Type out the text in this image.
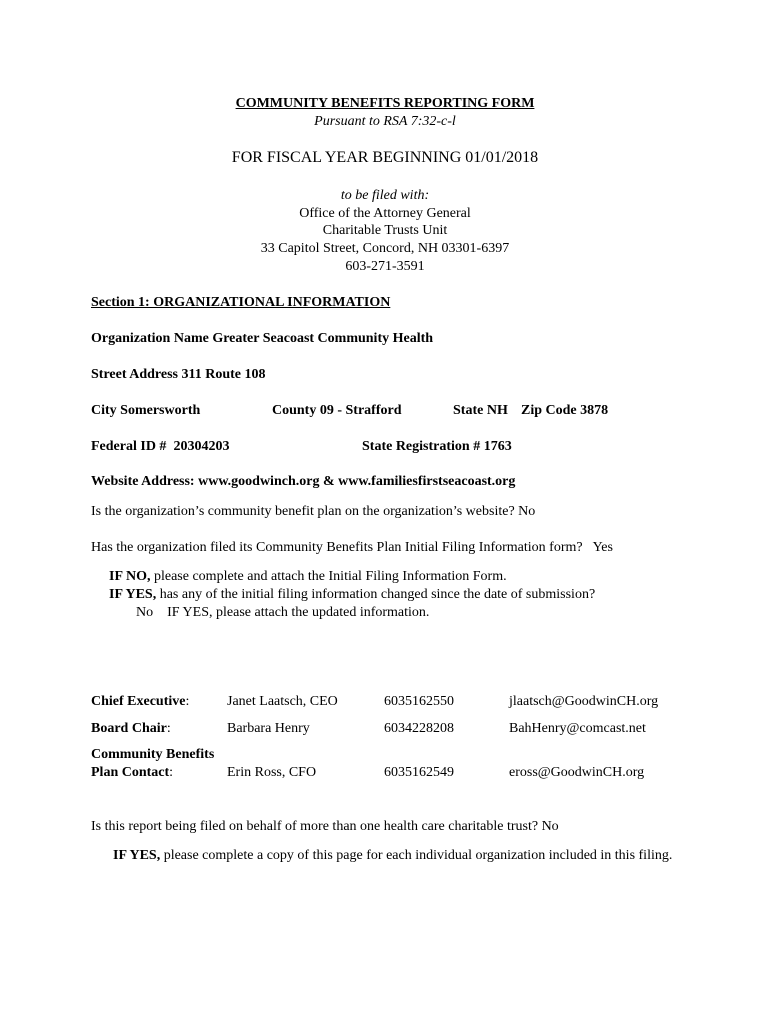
COMMUNITY BENEFITS REPORTING FORM
Pursuant to RSA 7:32-c-l
FOR FISCAL YEAR BEGINNING 01/01/2018
to be filed with:
Office of the Attorney General
Charitable Trusts Unit
33 Capitol Street, Concord, NH 03301-6397
603-271-3591
Section 1: ORGANIZATIONAL INFORMATION
Organization Name Greater Seacoast Community Health
Street Address 311 Route 108
City Somersworth	County 09 - Strafford	State NH Zip Code 3878
Federal ID # 20304203	State Registration # 1763
Website Address: www.goodwinch.org & www.familiesfirstseacoast.org
Is the organization’s community benefit plan on the organization’s website? No
Has the organization filed its Community Benefits Plan Initial Filing Information form? Yes
IF NO, please complete and attach the Initial Filing Information Form.
IF YES, has any of the initial filing information changed since the date of submission?
No IF YES, please attach the updated information.
Chief Executive:	Janet Laatsch, CEO	6035162550	jlaatsch@GoodwinCH.org
Board Chair:	Barbara Henry	6034228208	BahHenry@comcast.net
Community Benefits
Plan Contact:	Erin Ross, CFO	6035162549	eross@GoodwinCH.org
Is this report being filed on behalf of more than one health care charitable trust? No
IF YES, please complete a copy of this page for each individual organization included in this filing.
